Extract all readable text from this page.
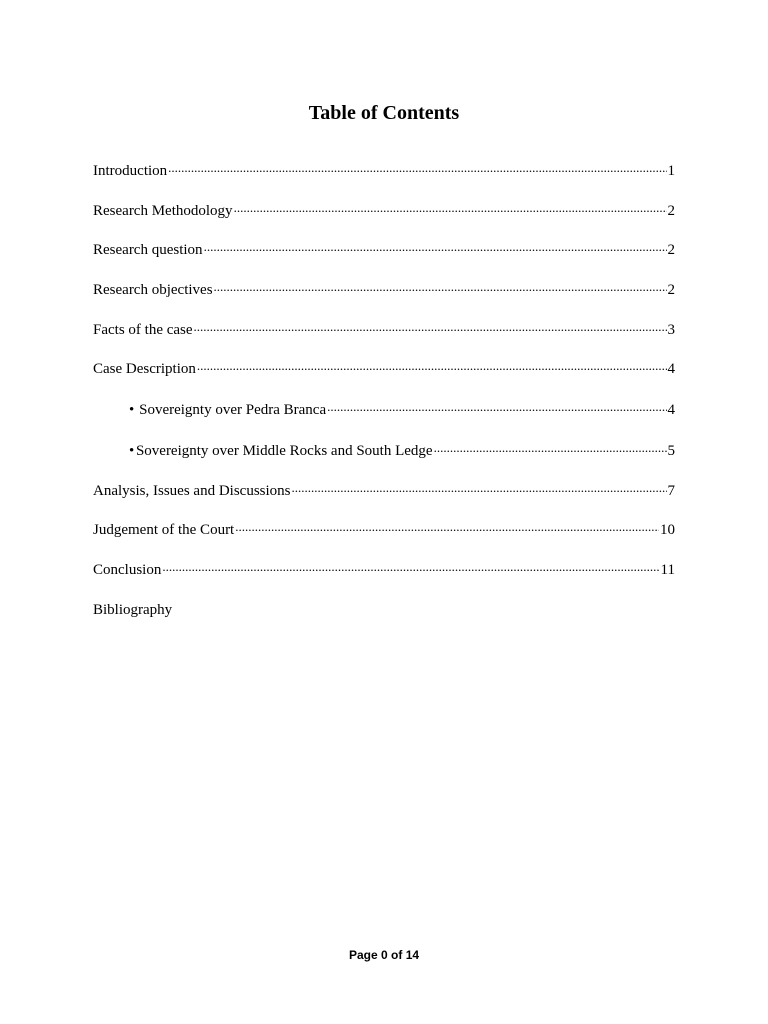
Table of Contents
Introduction .....	1
Research Methodology .....	2
Research question .....	2
Research objectives .....	2
Facts of the case .....	3
Case Description .....	4
• Sovereignty over Pedra Branca .....	4
• Sovereignty over Middle Rocks and South Ledge .....	5
Analysis, Issues and Discussions .....	7
Judgement of the Court .....	10
Conclusion .....	11
Bibliography
Page 0 of 14
